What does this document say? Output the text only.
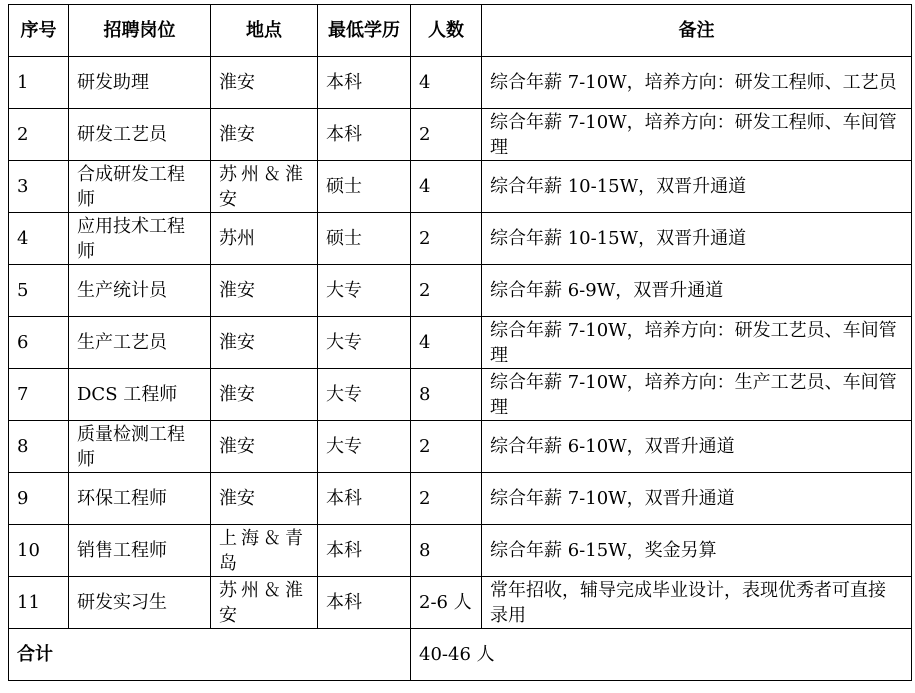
序号	招聘岗位	地点	最低学历	人数	备注
1	研发助理	淮安	本科	4	综合年薪 7-10W，培养方向：研发工程师、工艺员
2	研发工艺员	淮安	本科	2	综合年薪 7-10W，培养方向：研发工程师、车间管理
3	合成研发工程师	苏州＆淮安	硕士	4	综合年薪 10-15W，双晋升通道
4	应用技术工程师	苏州	硕士	2	综合年薪 10-15W，双晋升通道
5	生产统计员	淮安	大专	2	综合年薪 6-9W，双晋升通道
6	生产工艺员	淮安	大专	4	综合年薪 7-10W，培养方向：研发工艺员、车间管理
7	DCS 工程师	淮安	大专	8	综合年薪 7-10W，培养方向：生产工艺员、车间管理
8	质量检测工程师	淮安	大专	2	综合年薪 6-10W，双晋升通道
9	环保工程师	淮安	本科	2	综合年薪 7-10W，双晋升通道
10	销售工程师	上海＆青岛	本科	8	综合年薪 6-15W，奖金另算
11	研发实习生	苏州＆淮安	本科	2-6 人	常年招收，辅导完成毕业设计，表现优秀者可直接录用
合计				40-46 人	
